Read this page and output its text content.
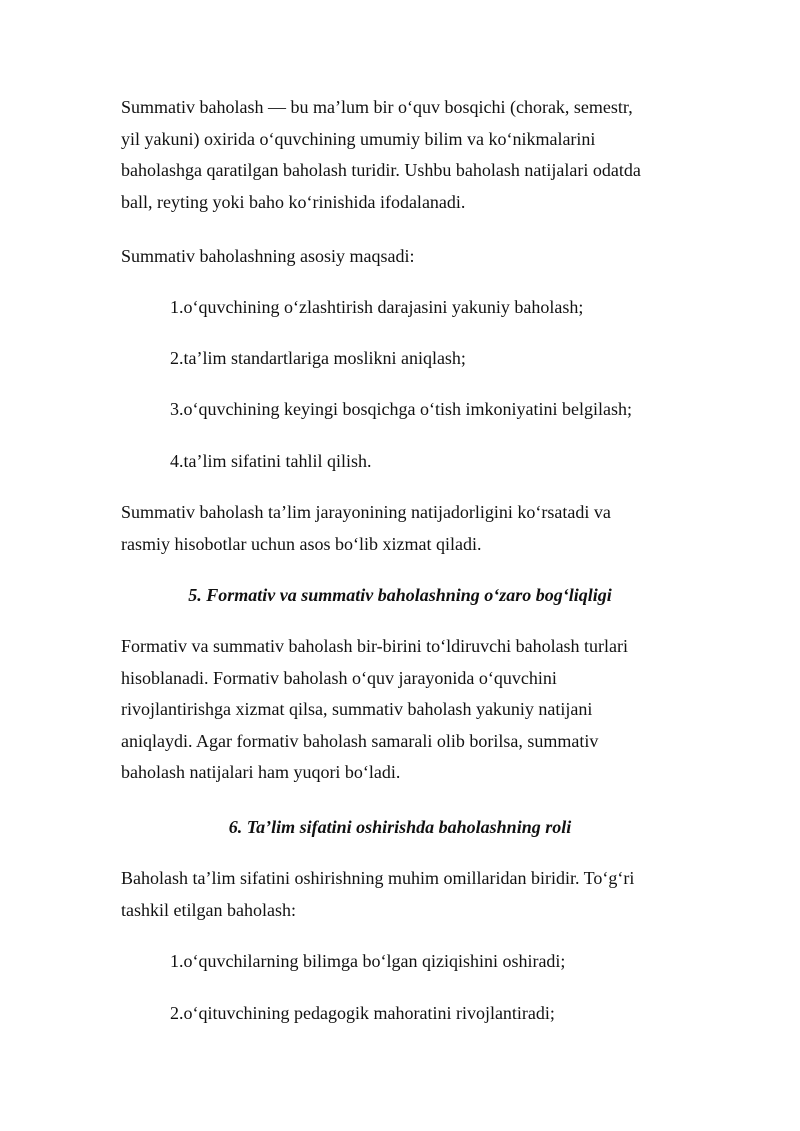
Summativ baholash — bu ma’lum bir o‘quv bosqichi (chorak, semestr,
yil yakuni) oxirida o‘quvchining umumiy bilim va ko‘nikmalarini
baholashga qaratilgan baholash turidir. Ushbu baholash natijalari odatda
ball, reyting yoki baho ko‘rinishida ifodalanadi.

Summativ baholashning asosiy maqsadi:

1.o‘quvchining o‘zlashtirish darajasini yakuniy baholash;

2.ta’lim standartlariga moslikni aniqlash;

3.o‘quvchining keyingi bosqichga o‘tish imkoniyatini belgilash;

4.ta’lim sifatini tahlil qilish.

Summativ baholash ta’lim jarayonining natijadorligini ko‘rsatadi va
rasmiy hisobotlar uchun asos bo‘lib xizmat qiladi.

5. Formativ va summativ baholashning o‘zaro bog‘liqligi

Formativ va summativ baholash bir-birini to‘ldiruvchi baholash turlari
hisoblanadi. Formativ baholash o‘quv jarayonida o‘quvchini
rivojlantirishga xizmat qilsa, summativ baholash yakuniy natijani
aniqlaydi. Agar formativ baholash samarali olib borilsa, summativ
baholash natijalari ham yuqori bo‘ladi.

6. Ta’lim sifatini oshirishda baholashning roli

Baholash ta’lim sifatini oshirishning muhim omillaridan biridir. To‘g‘ri
tashkil etilgan baholash:

1.o‘quvchilarning bilimga bo‘lgan qiziqishini oshiradi;

2.o‘qituvchining pedagogik mahoratini rivojlantiradi;
